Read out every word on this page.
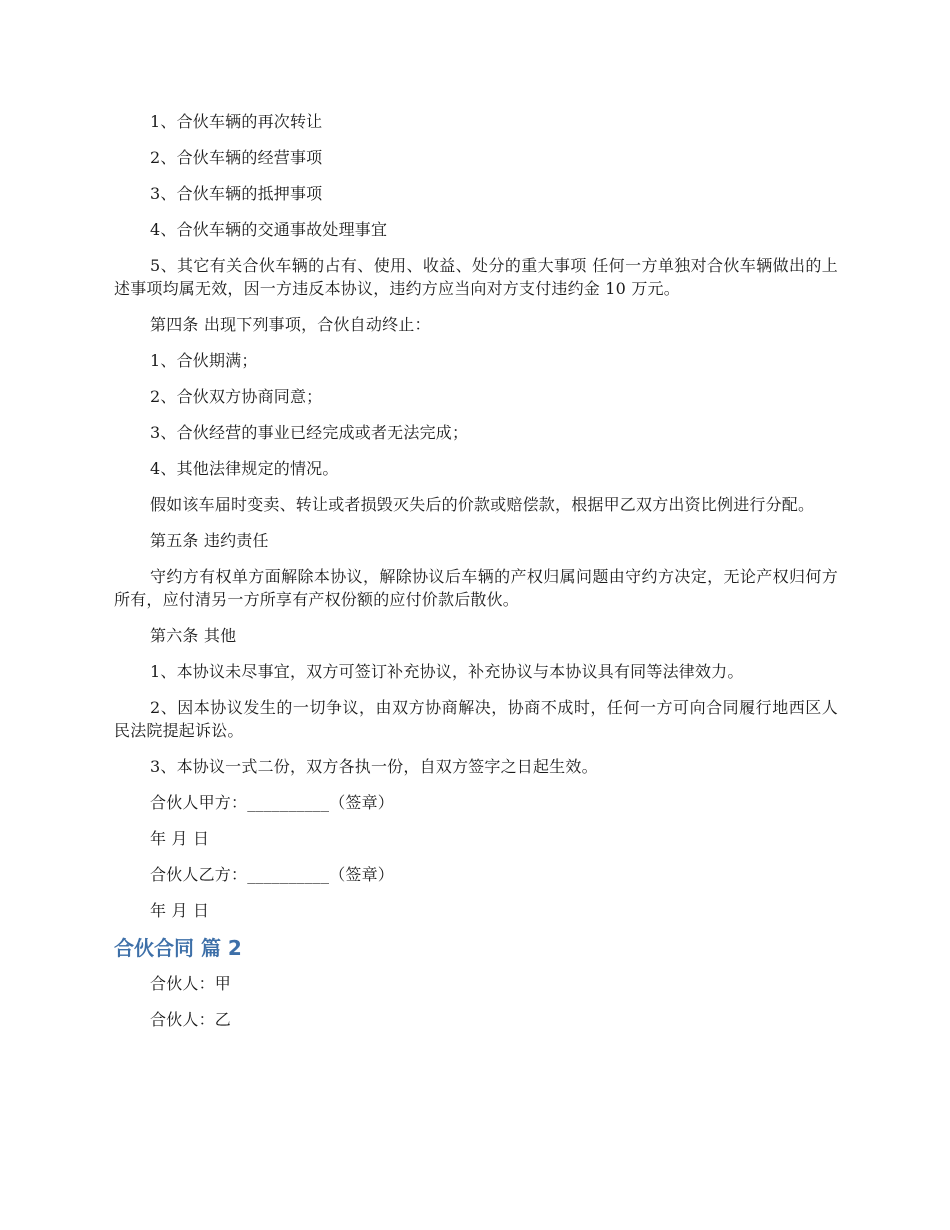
1、合伙车辆的再次转让

2、合伙车辆的经营事项

3、合伙车辆的抵押事项

4、合伙车辆的交通事故处理事宜

5、其它有关合伙车辆的占有、使用、收益、处分的重大事项 任何一方单独对合伙车辆做出的上述事项均属无效，因一方违反本协议，违约方应当向对方支付违约金 10 万元。

第四条 出现下列事项，合伙自动终止：

1、合伙期满；

2、合伙双方协商同意；

3、合伙经营的事业已经完成或者无法完成；

4、其他法律规定的情况。

假如该车届时变卖、转让或者损毁灭失后的价款或赔偿款，根据甲乙双方出资比例进行分配。

第五条 违约责任

守约方有权单方面解除本协议，解除协议后车辆的产权归属问题由守约方决定，无论产权归何方所有，应付清另一方所享有产权份额的应付价款后散伙。

第六条 其他

1、本协议未尽事宜，双方可签订补充协议，补充协议与本协议具有同等法律效力。

2、因本协议发生的一切争议，由双方协商解决，协商不成时，任何一方可向合同履行地西区人民法院提起诉讼。

3、本协议一式二份，双方各执一份，自双方签字之日起生效。

合伙人甲方：__________（签章）

年 月 日

合伙人乙方：__________（签章）

年 月 日

合伙合同 篇 2

合伙人：甲

合伙人：乙
